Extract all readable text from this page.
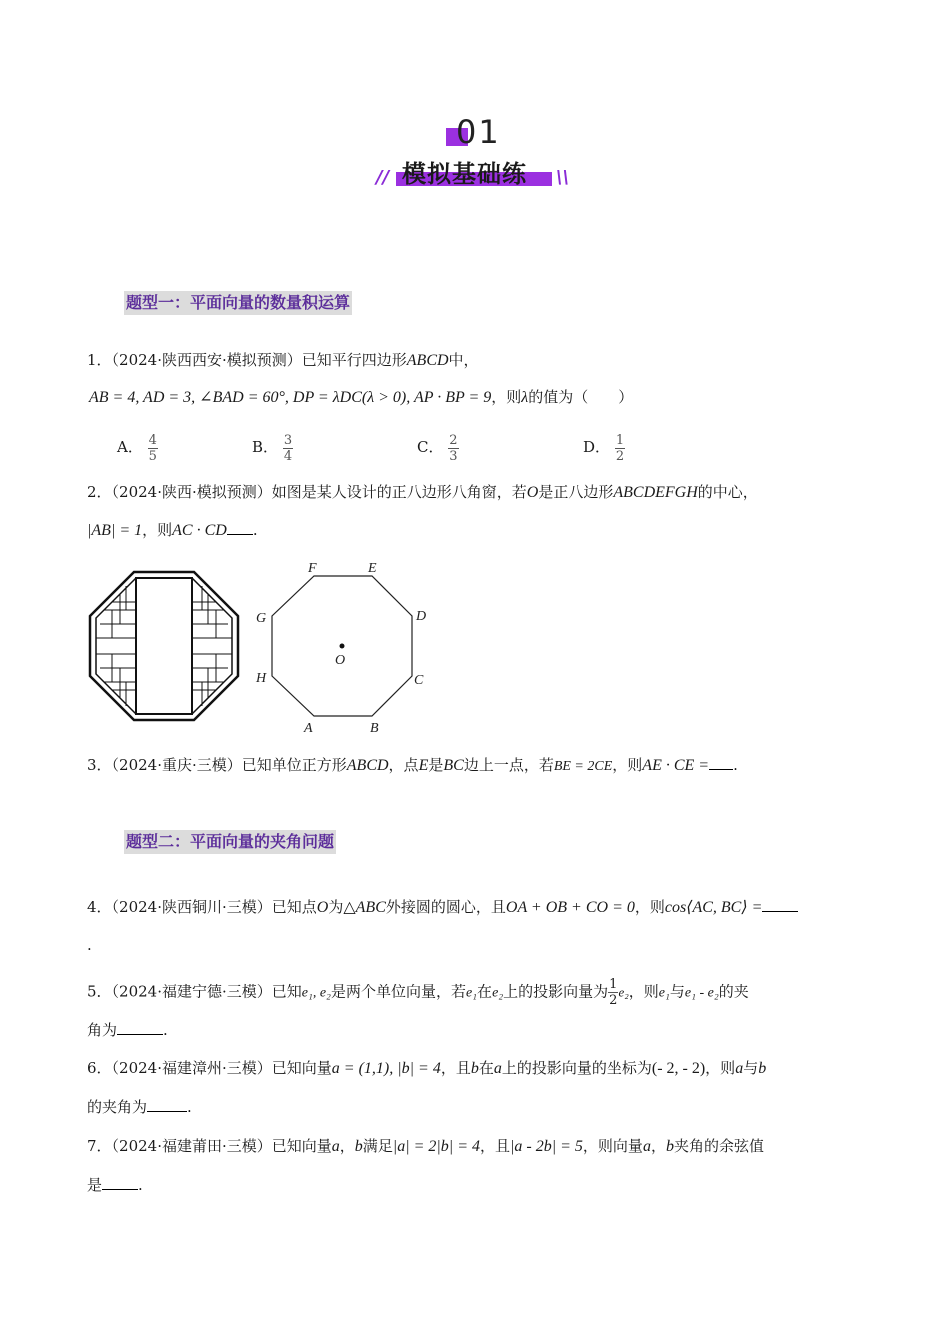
01
// 模拟基础练 \\
题型一：平面向量的数量积运算
1．（2024·陕西西安·模拟预测）已知平行四边形ABCD中，
AB = 4, AD = 3, ∠BAD = 60°, DP = λDC(λ > 0), AP · BP = 9，则λ的值为（　　）
A． $\frac{4}{5}$	B． $\frac{3}{4}$	C． $\frac{2}{3}$	D． $\frac{1}{2}$
2．（2024·陕西·模拟预测）如图是某人设计的正八边形八角窗，若O是正八边形ABCDEFGH的中心，
|AB| = 1，则AC · CD .
F	E
D
C
B
A
H
G
O
3．（2024·重庆·三模）已知单位正方形ABCD，点E是BC边上一点，若BE = 2CE，则AE · CE = .
题型二：平面向量的夹角问题
4．（2024·陕西铜川·三模）已知点O为△ABC外接圆的圆心，且OA + OB + CO = 0，则cos⟨AC, BC⟩ =
.
5．（2024·福建宁德·三模）已知e₁, e₂是两个单位向量，若e₁在e₂上的投影向量为 $\frac{1}{2} e_2$，则e₁与e₁ - e₂的夹
角为	.
6．（2024·福建漳州·三模）已知向量a = (1,1), |b| = 4，且b在a上的投影向量的坐标为(- 2, - 2)，则a与b
的夹角为	.
7．（2024·福建莆田·三模）已知向量a，b满足|a| = 2|b| = 4，且|a - 2b| = 5，则向量a，b夹角的余弦值
是 .
